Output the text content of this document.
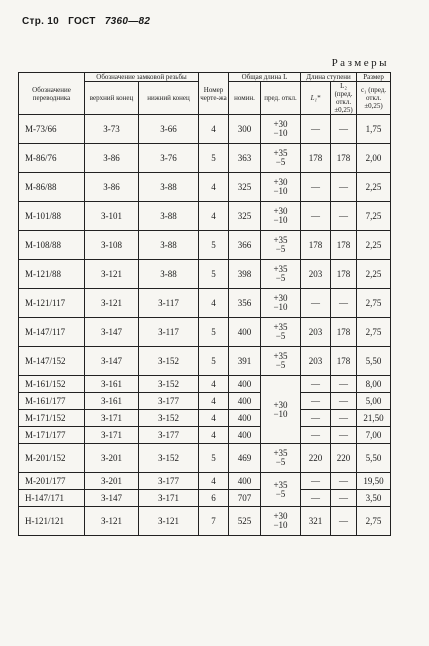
Стр. 10 ГОСТ 7360—82
Размеры
Обозначение переводника	Обозначение замковой резьбы		Номер черте-жа	Общая длина L		Длина ступени		Размер
				номин.	пред. откл.	L₁*	L₂ (пред. откл. ±0,25)	c₁ (пред. откл. ±0,25)
	верхний конец	нижний конец						
М-73/66	З-73	З-66	4	300	+30
−10	—	—	1,75
М-86/76	З-86	З-76	5	363	+35
−5	178	178	2,00
М-86/88	З-86	З-88	4	325	+30
−10	—	—	2,25
М-101/88	З-101	З-88	4	325	+30
−10	—	—	7,25
М-108/88	З-108	З-88	5	366	+35
−5	178	178	2,25
М-121/88	З-121	З-88	5	398	+35
−5	203	178	2,25
М-121/117	З-121	З-117	4	356	+30
−10	—	—	2,75
М-147/117	З-147	З-117	5	400	+35
−5	203	178	2,75
М-147/152	З-147	З-152	5	391	+35
−5	203	178	5,50
М-161/152	З-161	З-152	4	400	+30
−10	—	—	8,00
М-161/177	З-161	З-177	4	400		—	—	5,00
М-171/152	З-171	З-152	4	400		—	—	21,50
М-171/177	З-171	З-177	4	400		—	—	7,00
М-201/152	З-201	З-152	5	469	+35
−5	220	220	5,50
М-201/177	З-201	З-177	4	400	+35
−5	—	—	19,50
Н-147/171	З-147	З-171	6	707		—	—	3,50
Н-121/121	З-121	З-121	7	525	+30
−10	321	—	2,75
